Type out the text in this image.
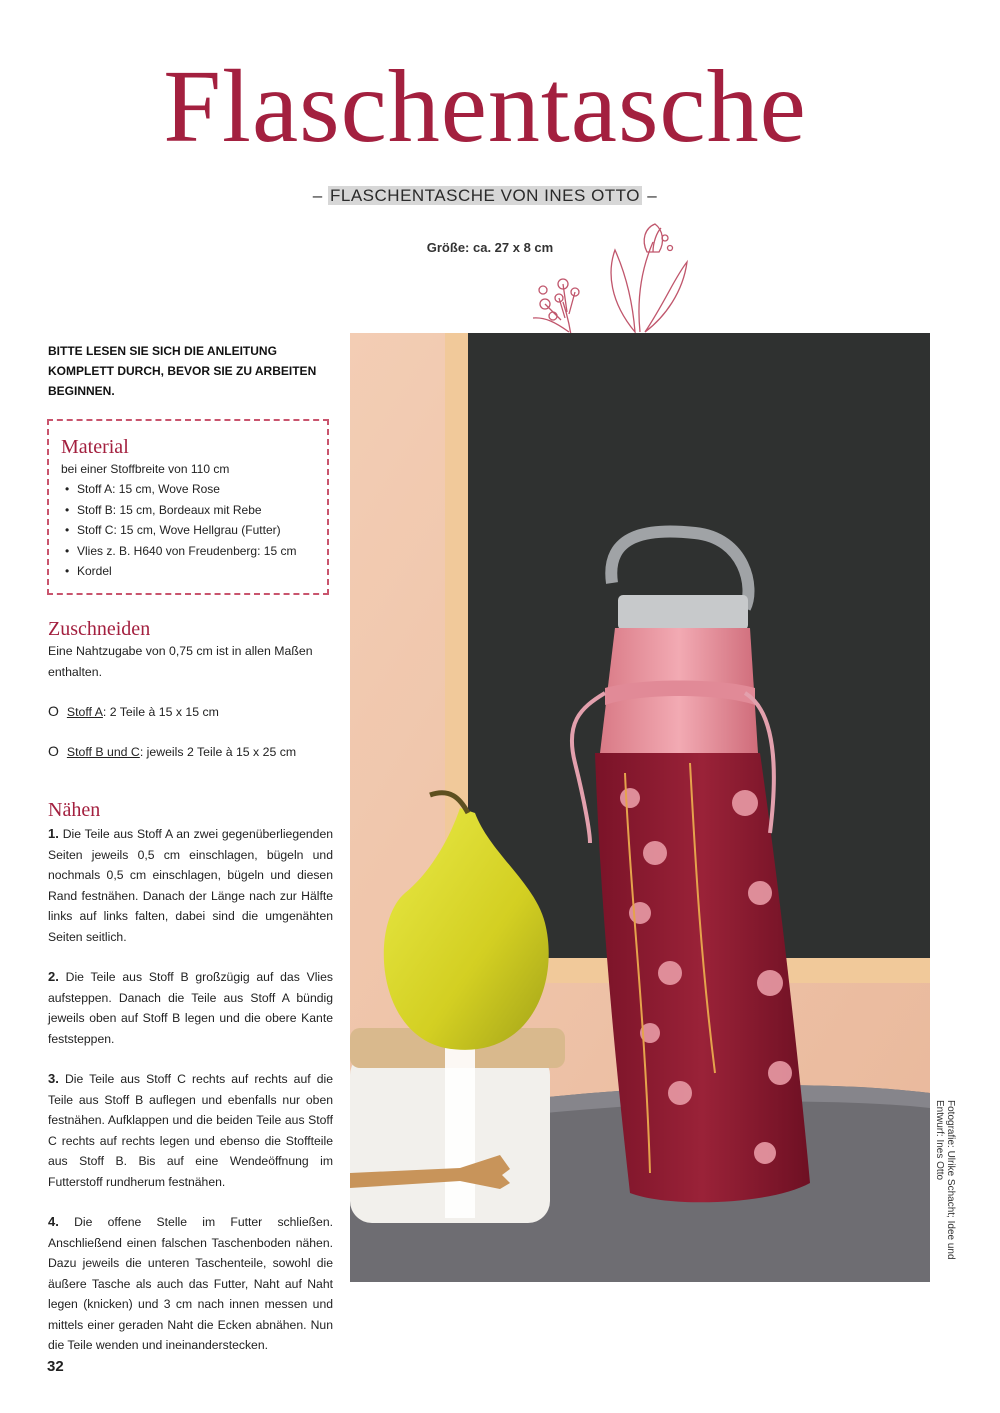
Flaschentasche
– FLASCHENTASCHE VON INES OTTO –
Größe: ca. 27 x 8 cm
BITTE LESEN SIE SICH DIE ANLEITUNG KOMPLETT DURCH, BEVOR SIE ZU ARBEITEN BEGINNEN.
Material
bei einer Stoffbreite von 110 cm
• Stoff A: 15 cm, Wove Rose
• Stoff B: 15 cm, Bordeaux mit Rebe
• Stoff C: 15 cm, Wove Hellgrau (Futter)
• Vlies z. B. H640 von Freudenberg: 15 cm
• Kordel
Zuschneiden
Eine Nahtzugabe von 0,75 cm ist in allen Maßen enthalten.
O Stoff A: 2 Teile à 15 x 15 cm
O Stoff B und C: jeweils 2 Teile à 15 x 25 cm
Nähen

1. Die Teile aus Stoff A an zwei gegenüberliegenden Seiten jeweils 0,5 cm einschlagen, bügeln und nochmals 0,5 cm einschlagen, bügeln und diesen Rand festnähen. Danach der Länge nach zur Hälfte links auf links falten, dabei sind die umgenähten Seiten seitlich.

2. Die Teile aus Stoff B großzügig auf das Vlies aufsteppen. Danach die Teile aus Stoff A bündig jeweils oben auf Stoff B legen und die obere Kante feststeppen.

3. Die Teile aus Stoff C rechts auf rechts auf die Teile aus Stoff B auflegen und ebenfalls nur oben festnähen. Aufklappen und die beiden Teile aus Stoff C rechts auf rechts legen und ebenso die Stoffteile aus Stoff B. Bis auf eine Wendeöffnung im Futterstoff rundherum festnähen.

4. Die offene Stelle im Futter schließen. Anschließend einen falschen Taschenboden nähen. Dazu jeweils die unteren Taschenteile, sowohl die äußere Tasche als auch das Futter, Naht auf Naht legen (knicken) und 3 cm nach innen messen und mittels einer geraden Naht die Ecken abnähen. Nun die Teile wenden und ineinanderstecken.

Fotografie: Ulrike Schacht; Idee und Entwurf: Ines Otto
32
